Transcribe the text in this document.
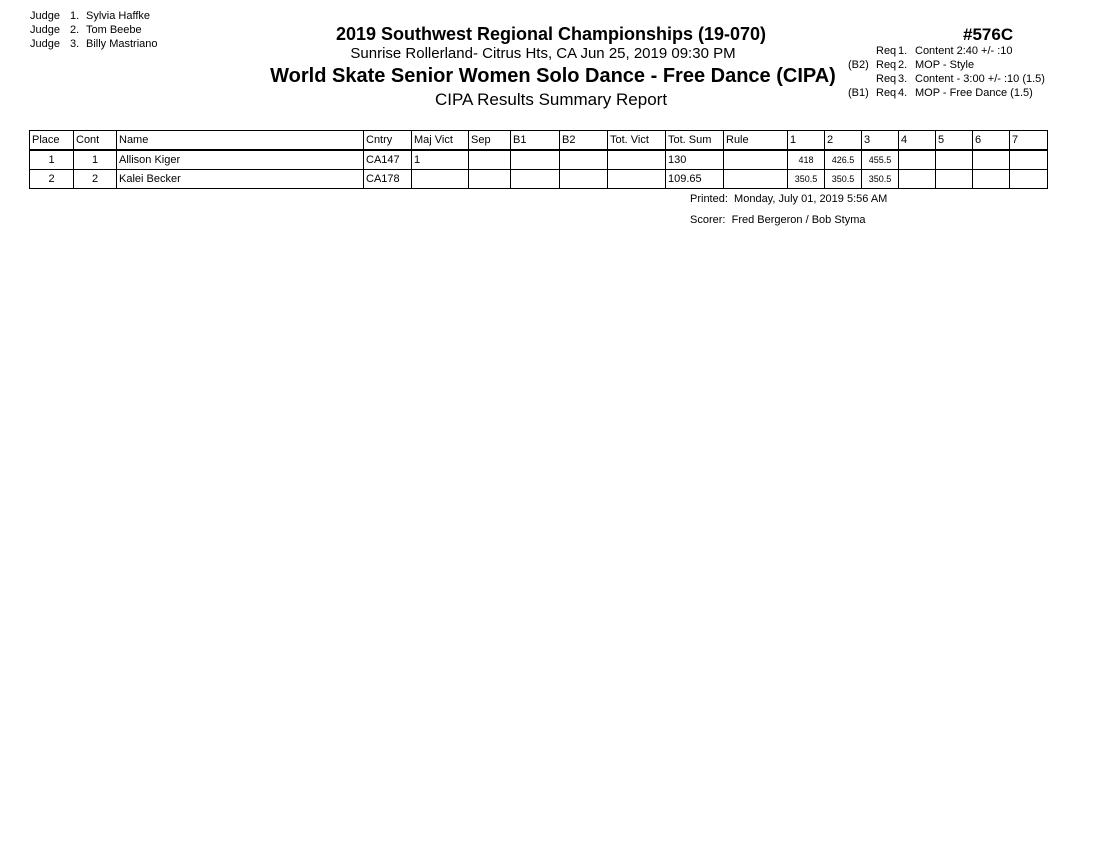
Judge 1. Sylvia Haffke
Judge 2. Tom Beebe
Judge 3. Billy Mastriano	2019 Southwest Regional Championships (19-070)
Sunrise Rollerland- Citrus Hts, CA Jun 25, 2019 09:30 PM
World Skate Senior Women Solo Dance - Free Dance (CIPA)
CIPA Results Summary Report
#576C
Req 1. Content 2:40 +/- :10
(B2) Req 2. MOP - Style
Req 3. Content - 3:00 +/- :10 (1.5)
(B1) Req 4. MOP - Free Dance (1.5)
Place	Cont	Name	Cntry	Maj Vict	Sep	B1	B2	Tot. Vict	Tot. Sum	Rule	1	2	3	4	5	6	7
1	1	Allison Kiger	CA147	1					130		418	426.5	455.5				
2	2	Kalei Becker	CA178						109.65		350.5	350.5	350.5				
Printed: Monday, July 01, 2019 5:56 AM
Scorer: Fred Bergeron / Bob Styma
